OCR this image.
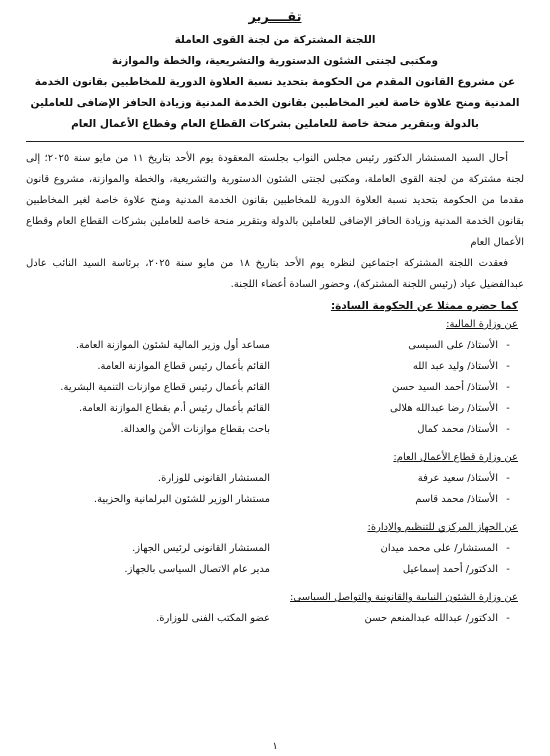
تقــــرير
اللجنة المشتركة من لجنة القوى العاملة
ومكتبى لجنتى الشئون الدستورية والتشريعية، والخطة والموازنة
عن مشروع القانون المقدم من الحكومة بتحديد نسبة العلاوة الدورية للمخاطبين بقانون الخدمة
المدنية ومنح علاوة خاصة لغير المخاطبين بقانون الخدمة المدنية وزيادة الحافز الإضافى للعاملين
بالدولة وبتقرير منحة خاصة للعاملين بشركات القطاع العام وقطاع الأعمال العام

أحال السيد المستشار الدكتور رئيس مجلس النواب بجلسته المعقودة يوم الأحد بتاريخ ١١ من مايو سنة ٢٠٢٥؛ إلى لجنة مشتركة من لجنة القوى العاملة، ومكتبى لجنتى الشئون الدستورية والتشريعية، والخطة والموازنة، مشروع قانون مقدما من الحكومة بتحديد نسبة العلاوة الدورية للمخاطبين بقانون الخدمة المدنية ومنح علاوة خاصة لغير المخاطبين بقانون الخدمة المدنية وزيادة الحافز الإضافى للعاملين بالدولة وبتقرير منحة خاصة للعاملين بشركات القطاع العام وقطاع الأعمال العام

فعقدت اللجنة المشتركة اجتماعين لنظره يوم الأحد بتاريخ ١٨ من مايو سنة ٢٠٢٥، برئاسة السيد النائب عادل عبدالفضيل عياد (رئيس اللجنة المشتركة)، وحضور السادة أعضاء اللجنة.

كما حضره ممثلا عن الحكومة السادة:
عن وزارة المالية:
-
الأستاذ/ على السيسى
مساعد أول وزير المالية لشئون الموازنة العامة.
-
الأستاذ/ وليد عبد الله
القائم بأعمال رئيس قطاع الموازنة العامة.
-
الأستاذ/ أحمد السيد حسن
القائم بأعمال رئيس قطاع موازنات التنمية البشرية.
-
الأستاذ/ رضا عبدالله هلالى
القائم بأعمال رئيس أ.م بقطاع الموازنة العامة.
-
الأستاذ/ محمد كمال
باحث بقطاع موازنات الأمن والعدالة.
عن وزارة قطاع الأعمال العام:
-
الأستاذ/ سعيد عرفة
المستشار القانونى للوزارة.
-
الأستاذ/ محمد قاسم
مستشار الوزير للشئون البرلمانية والحزبية.
عن الجهاز المركزي للتنظيم والإدارة:
-
المستشار/ على محمد ميدان
المستشار القانونى لرئيس الجهاز.
-
الدكتور/ أحمد إسماعيل
مدير عام الاتصال السياسى بالجهاز.
عن وزارة الشئون النيابية والقانونية والتواصل السياسى:
-
الدكتور/ عبدالله عبدالمنعم حسن
عضو المكتب الفنى للوزارة.
١
